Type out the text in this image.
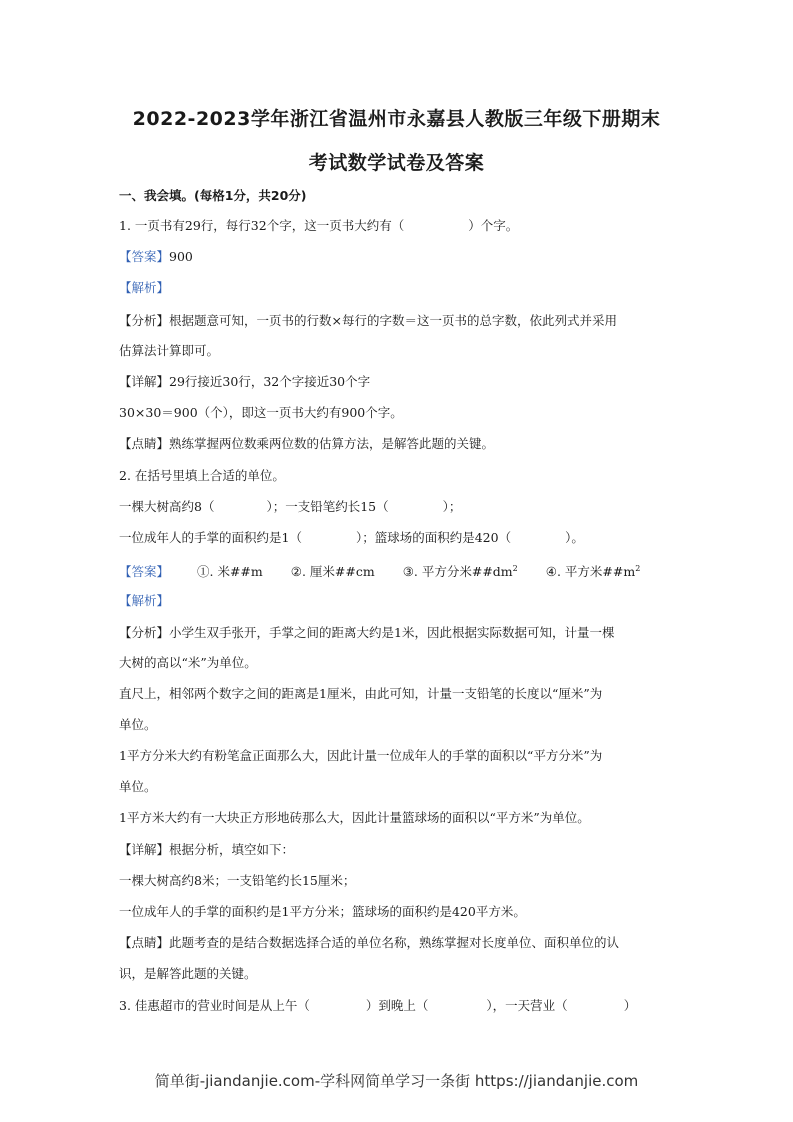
2022-2023学年浙江省温州市永嘉县人教版三年级下册期末
考试数学试卷及答案
一、我会填。(每格1分，共20分)
1. 一页书有29行，每行32个字，这一页书大约有（	）个字。
【答案】900
【解析】
【分析】根据题意可知，一页书的行数×每行的字数＝这一页书的总字数，依此列式并采用
估算法计算即可。
【详解】29行接近30行，32个字接近30个字
30×30＝900（个），即这一页书大约有900个字。
【点睛】熟练掌握两位数乘两位数的估算方法，是解答此题的关键。
2. 在括号里填上合适的单位。
一棵大树高约8（	）；一支铅笔约长15（	）；
一位成年人的手掌的面积约是1（	）；篮球场的面积约是420（	）。
【答案】 ①. 米##m ②. 厘米##cm ③. 平方分米$\#\#dm^2$ ④. 平方米$\#\#m^2$
【解析】
【分析】小学生双手张开，手掌之间的距离大约是1米，因此根据实际数据可知，计量一棵
大树的高以“米”为单位。
直尺上，相邻两个数字之间的距离是1厘米，由此可知，计量一支铅笔的长度以“厘米”为
单位。
1平方分米大约有粉笔盒正面那么大，因此计量一位成年人的手掌的面积以“平方分米”为
单位。
1平方米大约有一大块正方形地砖那么大，因此计量篮球场的面积以“平方米”为单位。
【详解】根据分析，填空如下：
一棵大树高约8米；一支铅笔约长15厘米；
一位成年人的手掌的面积约是1平方分米；篮球场的面积约是420平方米。
【点睛】此题考查的是结合数据选择合适的单位名称，熟练掌握对长度单位、面积单位的认
识，是解答此题的关键。
3. 佳惠超市的营业时间是从上午（	）到晚上（	），一天营业（	）
简单街-jiandanjie.com-学科网简单学习一条街 https://jiandanjie.com
